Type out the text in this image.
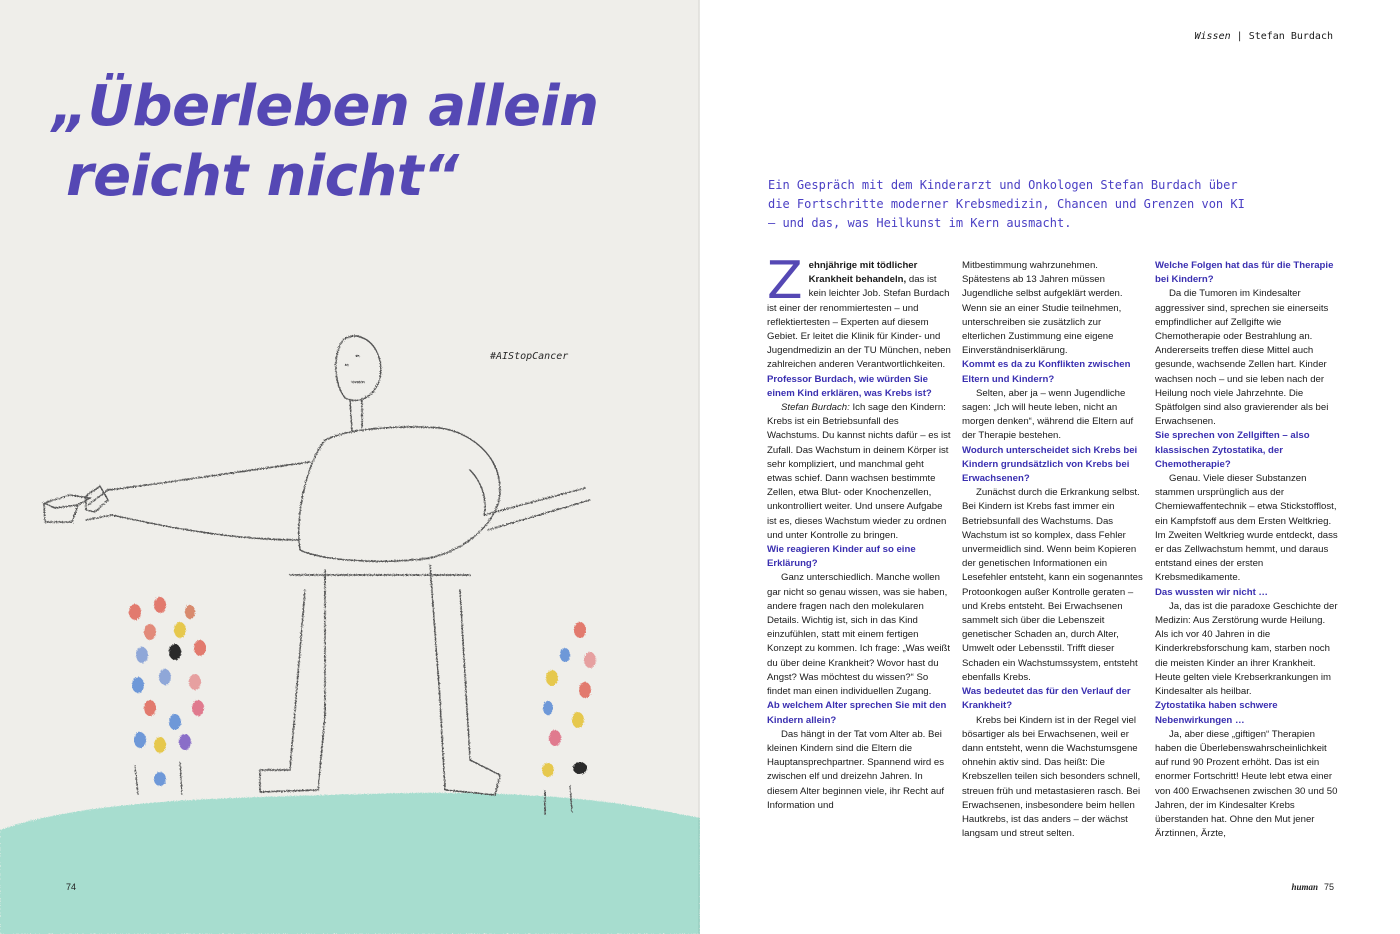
„Überleben allein
reicht nicht“
#AIStopCancer
74
Wissen | Stefan Burdach

Ein Gespräch mit dem Kinderarzt und Onkologen Stefan Burdach über die Fortschritte moderner Krebsmedizin, Chancen und Grenzen von KI – und das, was Heilkunst im Kern ausmacht.

Zehnjährige mit tödlicher Krankheit behandeln, das ist kein leichter Job. Stefan Burdach ist einer der renommiertesten – und reflektiertesten – Experten auf diesem Gebiet. Er leitet die Klinik für Kinder- und Jugendmedizin an der TU München, neben zahlreichen anderen Verantwortlichkeiten.

Professor Burdach, wie würden Sie einem Kind erklären, was Krebs ist?

Stefan Burdach: Ich sage den Kindern: Krebs ist ein Betriebsunfall des Wachstums. Du kannst nichts dafür – es ist Zufall. Das Wachstum in deinem Körper ist sehr kompliziert, und manchmal geht etwas schief. Dann wachsen bestimmte Zellen, etwa Blut- oder Knochenzellen, unkontrolliert weiter. Und unsere Aufgabe ist es, dieses Wachstum wieder zu ordnen und unter Kontrolle zu bringen.

Wie reagieren Kinder auf so eine Erklärung?

Ganz unterschiedlich. Manche wollen gar nicht so genau wissen, was sie haben, andere fragen nach den molekularen Details. Wichtig ist, sich in das Kind einzufühlen, statt mit einem fertigen Konzept zu kommen. Ich frage: „Was weißt du über deine Krankheit? Wovor hast du Angst? Was möchtest du wissen?“ So findet man einen individuellen Zugang.

Ab welchem Alter sprechen Sie mit den Kindern allein?

Das hängt in der Tat vom Alter ab. Bei kleinen Kindern sind die Eltern die Hauptansprechpartner. Spannend wird es zwischen elf und dreizehn Jahren. In diesem Alter beginnen viele, ihr Recht auf Information und

Mitbestimmung wahrzunehmen. Spätestens ab 13 Jahren müssen Jugendliche selbst aufgeklärt werden. Wenn sie an einer Studie teilnehmen, unterschreiben sie zusätzlich zur elterlichen Zustimmung eine eigene Einverständniserklärung.

Kommt es da zu Konflikten zwischen Eltern und Kindern?

Selten, aber ja – wenn Jugendliche sagen: „Ich will heute leben, nicht an morgen denken“, während die Eltern auf der Therapie bestehen.

Wodurch unterscheidet sich Krebs bei Kindern grundsätzlich von Krebs bei Erwachsenen?

Zunächst durch die Erkrankung selbst. Bei Kindern ist Krebs fast immer ein Betriebsunfall des Wachstums. Das Wachstum ist so komplex, dass Fehler unvermeidlich sind. Wenn beim Kopieren der genetischen Informationen ein Lesefehler entsteht, kann ein sogenanntes Protoonkogen außer Kontrolle geraten – und Krebs entsteht. Bei Erwachsenen sammelt sich über die Lebenszeit genetischer Schaden an, durch Alter, Umwelt oder Lebensstil. Trifft dieser Schaden ein Wachstumssystem, entsteht ebenfalls Krebs.

Was bedeutet das für den Verlauf der Krankheit?

Krebs bei Kindern ist in der Regel viel bösartiger als bei Erwachsenen, weil er dann entsteht, wenn die Wachstumsgene ohnehin aktiv sind. Das heißt: Die Krebszellen teilen sich besonders schnell, streuen früh und metastasieren rasch. Bei Erwachsenen, insbesondere beim hellen Hautkrebs, ist das anders – der wächst langsam und streut selten.

Welche Folgen hat das für die Therapie bei Kindern?

Da die Tumoren im Kindesalter aggressiver sind, sprechen sie einerseits empfindlicher auf Zellgifte wie Chemotherapie oder Bestrahlung an. Andererseits treffen diese Mittel auch gesunde, wachsende Zellen hart. Kinder wachsen noch – und sie leben nach der Heilung noch viele Jahrzehnte. Die Spätfolgen sind also gravierender als bei Erwachsenen.

Sie sprechen von Zellgiften – also klassischen Zytostatika, der Chemotherapie?

Genau. Viele dieser Substanzen stammen ursprünglich aus der Chemiewaffentechnik – etwa Stickstofflost, ein Kampfstoff aus dem Ersten Weltkrieg. Im Zweiten Weltkrieg wurde entdeckt, dass er das Zellwachstum hemmt, und daraus entstand eines der ersten Krebsmedikamente.

Das wussten wir nicht …

Ja, das ist die paradoxe Geschichte der Medizin: Aus Zerstörung wurde Heilung. Als ich vor 40 Jahren in die Kinderkrebsforschung kam, starben noch die meisten Kinder an ihrer Krankheit. Heute gelten viele Krebserkrankungen im Kindesalter als heilbar.

Zytostatika haben schwere Nebenwirkungen …

Ja, aber diese „giftigen“ Therapien haben die Überlebenswahrscheinlichkeit auf rund 90 Prozent erhöht. Das ist ein enormer Fortschritt! Heute lebt etwa einer von 400 Erwachsenen zwischen 30 und 50 Jahren, der im Kindesalter Krebs überstanden hat. Ohne den Mut jener Ärztinnen, Ärzte,

human 75
